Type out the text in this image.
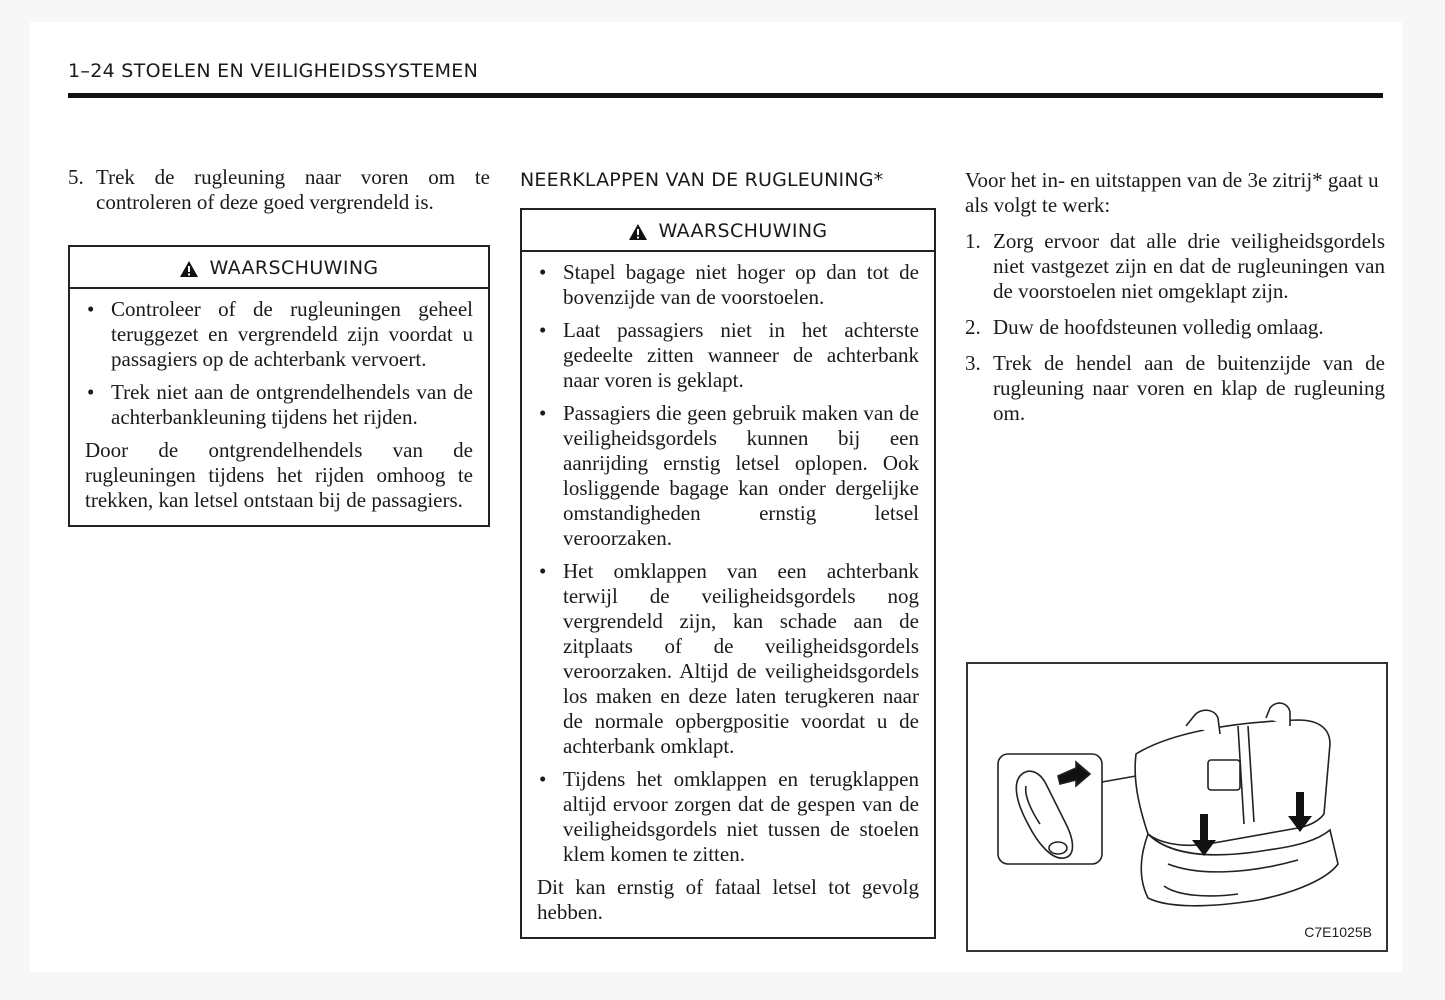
1–24 STOELEN EN VEILIGHEIDSSYSTEMEN
5. Trek de rugleuning naar voren om te controleren of deze goed vergrendeld is.
WAARSCHUWING
• Controleer of de rugleuningen geheel teruggezet en vergrendeld zijn voordat u passagiers op de achterbank vervoert.
• Trek niet aan de ontgrendelhendels van de achterbankleuning tijdens het rijden.
Door de ontgrendelhendels van de rugleuningen tijdens het rijden omhoog te trekken, kan letsel ontstaan bij de passagiers.
NEERKLAPPEN VAN DE RUGLEUNING*
WAARSCHUWING
• Stapel bagage niet hoger op dan tot de bovenzijde van de voorstoelen.
• Laat passagiers niet in het achterste gedeelte zitten wanneer de achterbank naar voren is geklapt.
• Passagiers die geen gebruik maken van de veiligheidsgordels kunnen bij een aanrijding ernstig letsel oplopen. Ook losliggende bagage kan onder dergelijke omstandigheden ernstig letsel veroorzaken.
• Het omklappen van een achterbank terwijl de veiligheidsgordels nog vergrendeld zijn, kan schade aan de zitplaats of de veiligheidsgordels veroorzaken. Altijd de veiligheidsgordels los maken en deze laten terugkeren naar de normale opbergpositie voordat u de achterbank omklapt.
• Tijdens het omklappen en terugklappen altijd ervoor zorgen dat de gespen van de veiligheidsgordels niet tussen de stoelen klem komen te zitten.
Dit kan ernstig of fataal letsel tot gevolg hebben.
Voor het in- en uitstappen van de 3e zitrij* gaat u als volgt te werk:
1. Zorg ervoor dat alle drie veiligheidsgordels niet vastgezet zijn en dat de rugleuningen van de voorstoelen niet omgeklapt zijn.
2. Duw de hoofdsteunen volledig omlaag.
3. Trek de hendel aan de buitenzijde van de rugleuning naar voren en klap de rugleuning om.
C7E1025B
